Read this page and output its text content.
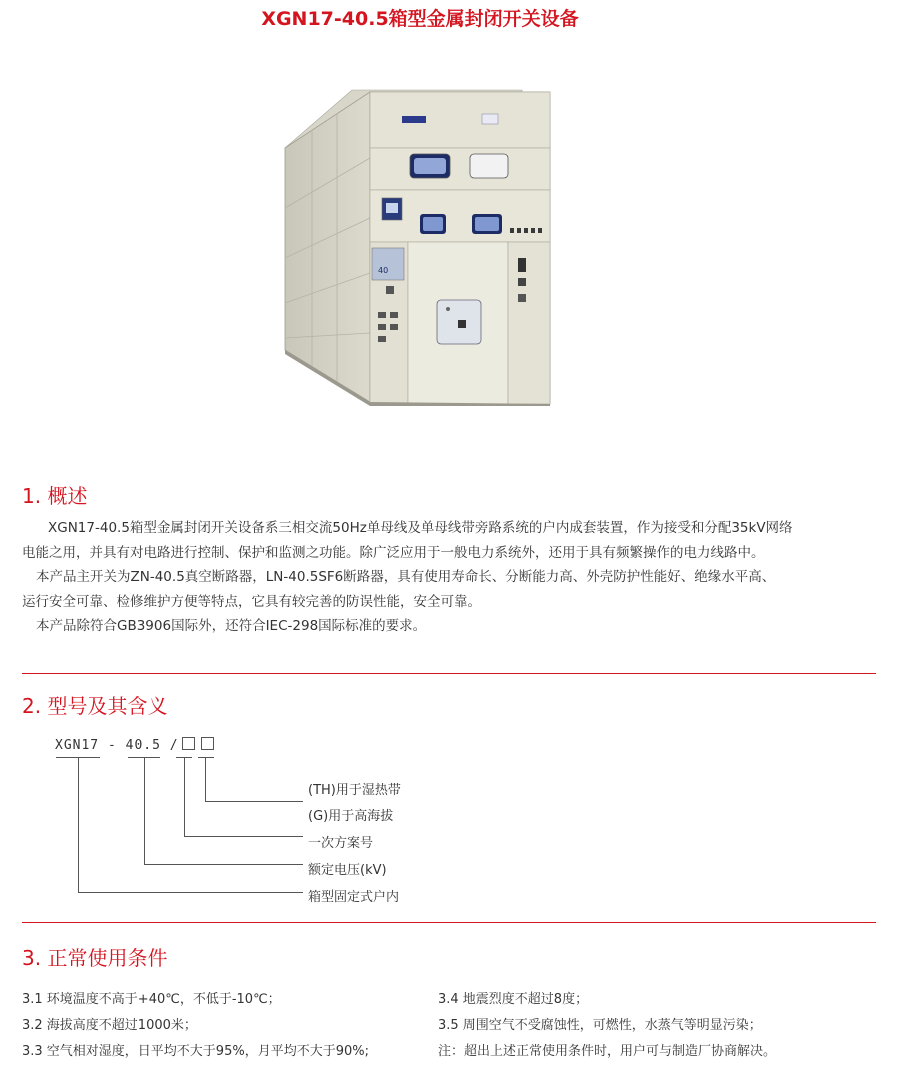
XGN17-40.5箱型金属封闭开关设备
40
1. 概述

XGN17-40.5箱型金属封闭开关设备系三相交流50Hz单母线及单母线带旁路系统的户内成套装置，作为接受和分配35kV网络

电能之用，并具有对电路进行控制、保护和监测之功能。除广泛应用于一般电力系统外，还用于具有频繁操作的电力线路中。

本产品主开关为ZN-40.5真空断路器，LN-40.5SF6断路器，具有使用寿命长、分断能力高、外壳防护性能好、绝缘水平高、

运行安全可靠、检修维护方便等特点，它具有较完善的防误性能，安全可靠。

本产品除符合GB3906国际外，还符合IEC-298国际标准的要求。

2. 型号及其含义
XGN17 - 40.5 /
(TH)用于湿热带
(G)用于高海拔
一次方案号
额定电压(kV)
箱型固定式户内
3. 正常使用条件
3.1 环境温度不高于+40℃，不低于-10℃；
3.2 海拔高度不超过1000米；
3.3 空气相对湿度，日平均不大于95%，月平均不大于90%;
3.4 地震烈度不超过8度；
3.5 周围空气不受腐蚀性，可燃性，水蒸气等明显污染；
注：超出上述正常使用条件时，用户可与制造厂协商解决。
